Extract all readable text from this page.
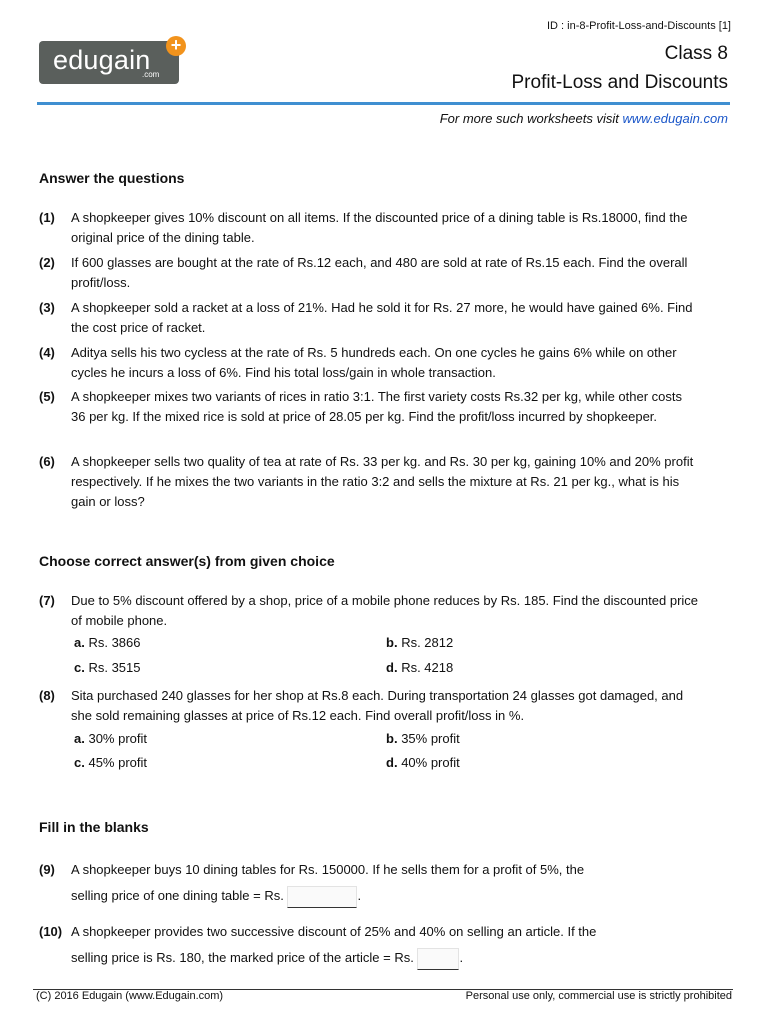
ID : in-8-Profit-Loss-and-Discounts [1]
edugain
.com
+	Class 8
Profit-Loss and Discounts
For more such worksheets visit www.edugain.com
Answer the questions
(1) A shopkeeper gives 10% discount on all items. If the discounted price of a dining table is Rs.18000, find the original price of the dining table.
(2) If 600 glasses are bought at the rate of Rs.12 each, and 480 are sold at rate of Rs.15 each. Find the overall profit/loss.
(3) A shopkeeper sold a racket at a loss of 21%. Had he sold it for Rs. 27 more, he would have gained 6%. Find the cost price of racket.
(4) Aditya sells his two cycless at the rate of Rs. 5 hundreds each. On one cycles he gains 6% while on other cycles he incurs a loss of 6%. Find his total loss/gain in whole transaction.
(5) A shopkeeper mixes two variants of rices in ratio 3:1. The first variety costs Rs.32 per kg, while other costs 36 per kg. If the mixed rice is sold at price of 28.05 per kg. Find the profit/loss incurred by shopkeeper.
(6) A shopkeeper sells two quality of tea at rate of Rs. 33 per kg. and Rs. 30 per kg, gaining 10% and 20% profit respectively. If he mixes the two variants in the ratio 3:2 and sells the mixture at Rs. 21 per kg., what is his gain or loss?
Choose correct answer(s) from given choice
(7) Due to 5% discount offered by a shop, price of a mobile phone reduces by Rs. 185. Find the discounted price of mobile phone.
a. Rs. 3866	b. Rs. 2812
c. Rs. 3515	d. Rs. 4218
(8) Sita purchased 240 glasses for her shop at Rs.8 each. During transportation 24 glasses got damaged, and she sold remaining glasses at price of Rs.12 each. Find overall profit/loss in %.
a. 30% profit	b. 35% profit
c. 45% profit	d. 40% profit
Fill in the blanks
(9) A shopkeeper buys 10 dining tables for Rs. 150000. If he sells them for a profit of 5%, the
selling price of one dining table = Rs.	.
(10) A shopkeeper provides two successive discount of 25% and 40% on selling an article. If the
selling price is Rs. 180, the marked price of the article = Rs.	.
(C) 2016 Edugain (www.Edugain.com)	Personal use only, commercial use is strictly prohibited
